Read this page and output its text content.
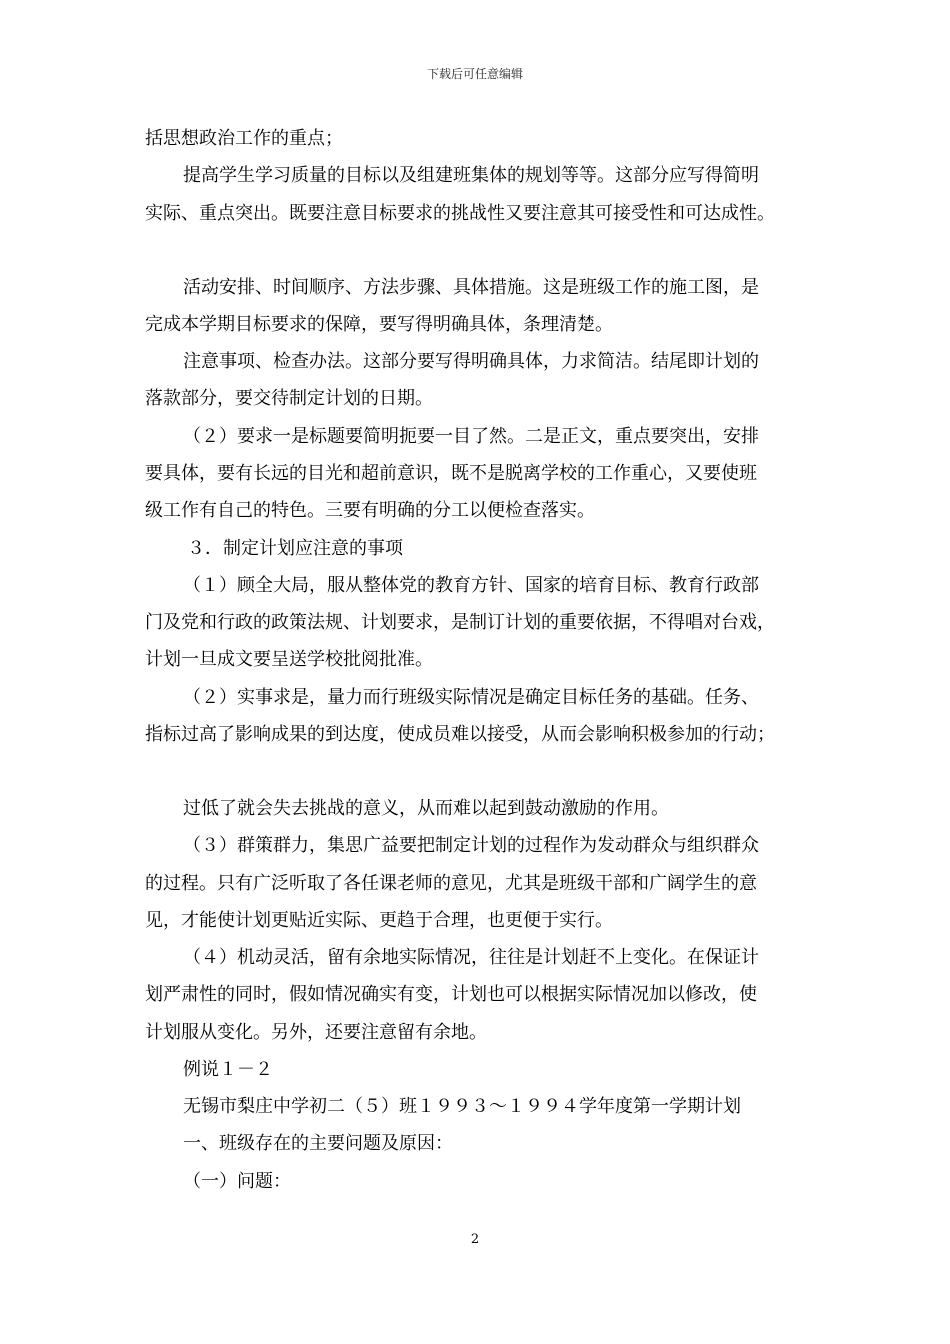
下载后可任意编辑
括思想政治工作的重点；
提高学生学习质量的目标以及组建班集体的规划等等。这部分应写得简明
实际、重点突出。既要注意目标要求的挑战性又要注意其可接受性和可达成性。
活动安排、时间顺序、方法步骤、具体措施。这是班级工作的施工图，是
完成本学期目标要求的保障，要写得明确具体，条理清楚。
注意事项、检查办法。这部分要写得明确具体，力求简洁。结尾即计划的
落款部分，要交待制定计划的日期。
（２）要求一是标题要简明扼要一目了然。二是正文，重点要突出，安排
要具体，要有长远的目光和超前意识，既不是脱离学校的工作重心，又要使班
级工作有自己的特色。三要有明确的分工以便检查落实。
３．制定计划应注意的事项
（１）顾全大局，服从整体党的教育方针、国家的培育目标、教育行政部
门及党和行政的政策法规、计划要求，是制订计划的重要依据，不得唱对台戏，
计划一旦成文要呈送学校批阅批准。
（２）实事求是，量力而行班级实际情况是确定目标任务的基础。任务、
指标过高了影响成果的到达度，使成员难以接受，从而会影响积极参加的行动；
过低了就会失去挑战的意义，从而难以起到鼓动激励的作用。
（３）群策群力，集思广益要把制定计划的过程作为发动群众与组织群众
的过程。只有广泛听取了各任课老师的意见，尤其是班级干部和广阔学生的意
见，才能使计划更贴近实际、更趋于合理，也更便于实行。
（４）机动灵活，留有余地实际情况，往往是计划赶不上变化。在保证计
划严肃性的同时，假如情况确实有变，计划也可以根据实际情况加以修改，使
计划服从变化。另外，还要注意留有余地。
例说１－２
无锡市梨庄中学初二（５）班１９９３～１９９４学年度第一学期计划
一、班级存在的主要问题及原因：
（一）问题：
2
